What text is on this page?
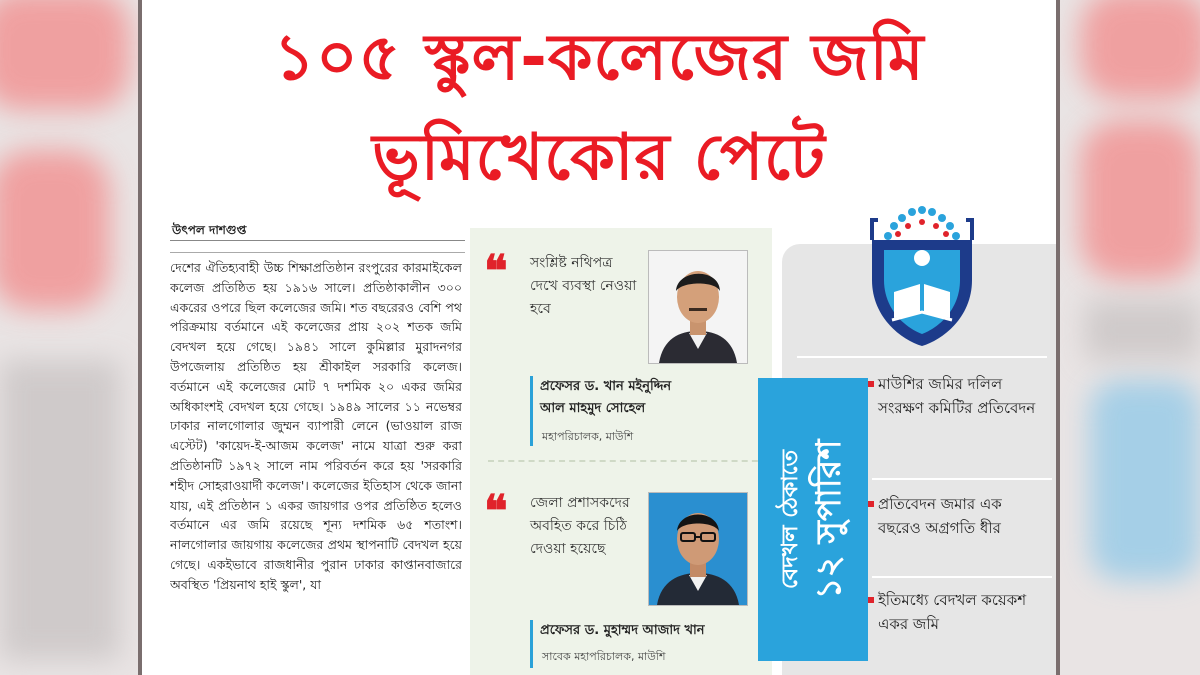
১০৫ স্কুল-কলেজের জমি
ভূমিখেকোর পেটে
উৎপল দাশগুপ্ত
দেশের ঐতিহ্যবাহী উচ্চ শিক্ষাপ্রতিষ্ঠান রংপুরের কারমাইকেল কলেজ প্রতিষ্ঠিত হয় ১৯১৬ সালে। প্রতিষ্ঠাকালীন ৩০০ একরের ওপরে ছিল কলেজের জমি। শত বছরেরও বেশি পথ পরিক্রমায় বর্তমানে এই কলেজের প্রায় ২০২ শতক জমি বেদখল হয়ে গেছে। ১৯৪১ সালে কুমিল্লার মুরাদনগর উপজেলায় প্রতিষ্ঠিত হয় শ্রীকাইল সরকারি কলেজ। বর্তমানে এই কলেজের মোট ৭ দশমিক ২০ একর জমির অধিকাংশই বেদখল হয়ে গেছে। ১৯৪৯ সালের ১১ নভেম্বর ঢাকার নালগোলার জুম্মন ব্যাপারী লেনে (ভাওয়াল রাজ এস্টেট) 'কায়েদ-ই-আজম কলেজ' নামে যাত্রা শুরু করা প্রতিষ্ঠানটি ১৯৭২ সালে নাম পরিবর্তন করে হয় 'সরকারি শহীদ সোহরাওয়ার্দী কলেজ'। কলেজের ইতিহাস থেকে জানা যায়, এই প্রতিষ্ঠান ১ একর জায়গার ওপর প্রতিষ্ঠিত হলেও বর্তমানে এর জমি রয়েছে শূন্য দশমিক ৬৫ শতাংশ। নালগোলার জায়গায় কলেজের প্রথম স্থাপনাটি বেদখল হয়ে গেছে। একইভাবে রাজধানীর পুরান ঢাকার কাপ্তানবাজারে অবস্থিত 'প্রিয়নাথ হাই স্কুল', যা
❝ সংশ্লিষ্ট নথিপত্র দেখে ব্যবস্থা নেওয়া হবে
প্রফেসর ড. খান মইনুদ্দিন
আল মাহমুদ সোহেল
মহাপরিচালক, মাউশি
❝ জেলা প্রশাসকদের অবহিত করে চিঠি দেওয়া হয়েছে
প্রফেসর ড. মুহাম্মদ আজাদ খান
সাবেক মহাপরিচালক, মাউশি
বেদখল ঠেকাতে ১২ সুপারিশ
মাউশির জমির দলিল সংরক্ষণ কমিটির প্রতিবেদন
প্রতিবেদন জমার এক বছরেও অগ্রগতি ধীর
ইতিমধ্যে বেদখল কয়েকশ একর জমি
